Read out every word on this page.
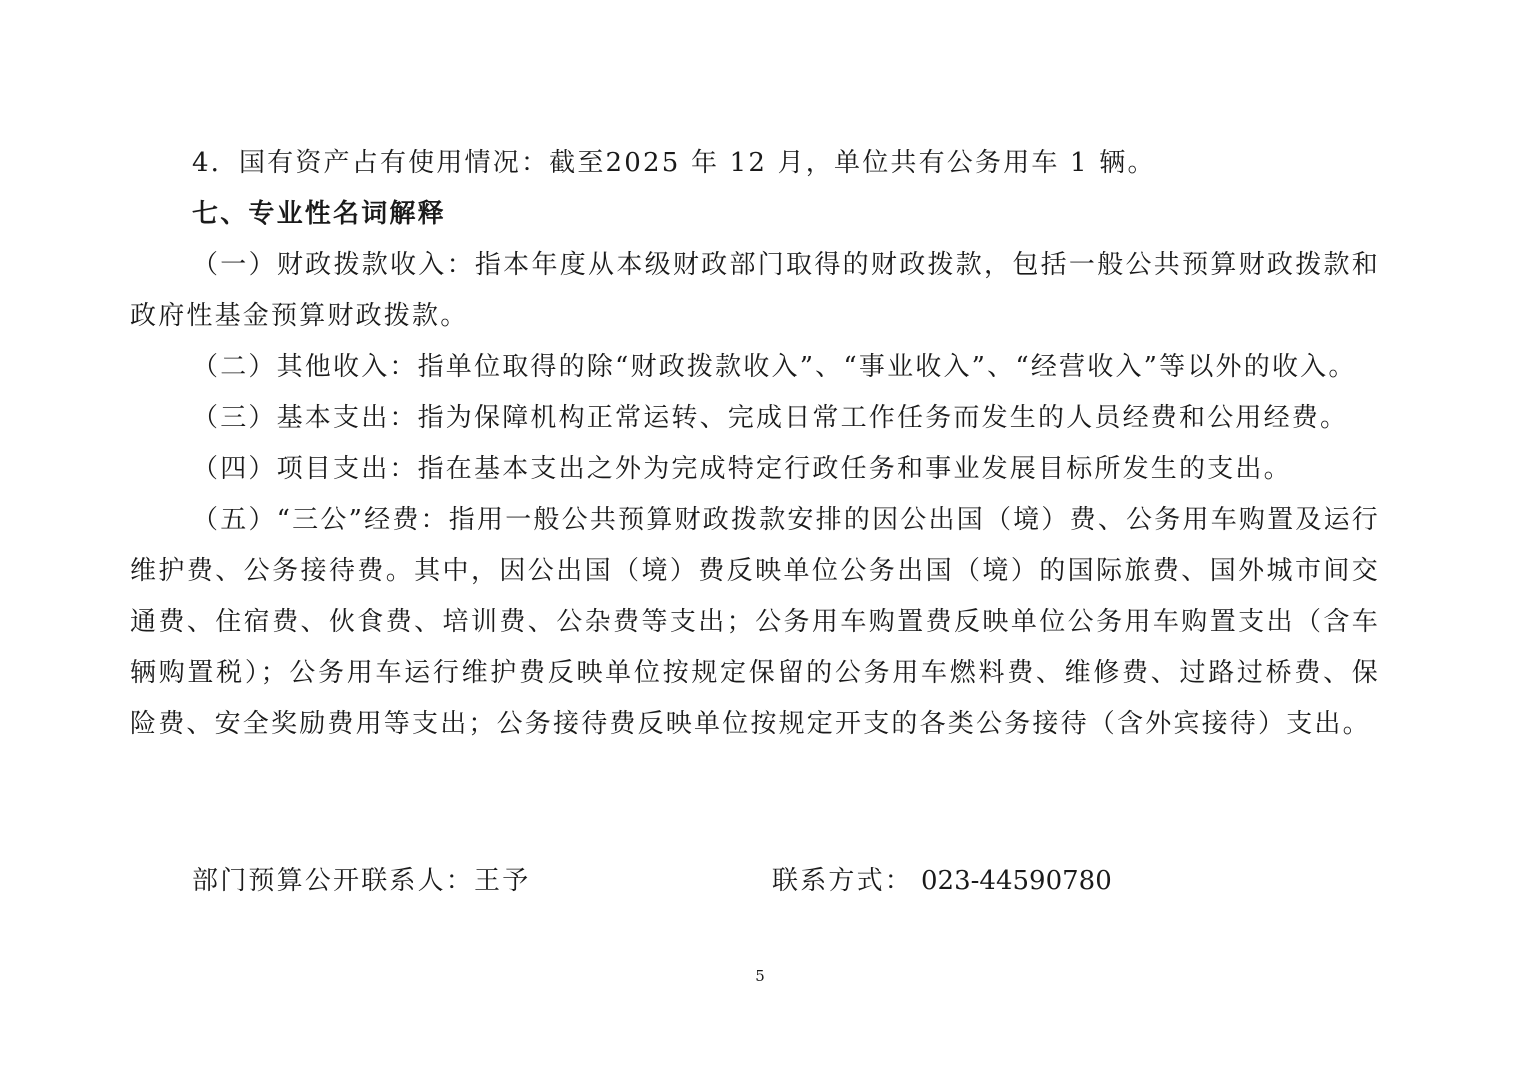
4．国有资产占有使用情况：截至2025 年 12 月，单位共有公务用车 1 辆。

七、专业性名词解释

（一）财政拨款收入：指本年度从本级财政部门取得的财政拨款，包括一般公共预算财政拨款和政府性基金预算财政拨款。

（二）其他收入：指单位取得的除“财政拨款收入”、“事业收入”、“经营收入”等以外的收入。

（三）基本支出：指为保障机构正常运转、完成日常工作任务而发生的人员经费和公用经费。

（四）项目支出：指在基本支出之外为完成特定行政任务和事业发展目标所发生的支出。

（五）“三公”经费：指用一般公共预算财政拨款安排的因公出国（境）费、公务用车购置及运行维护费、公务接待费。其中，因公出国（境）费反映单位公务出国（境）的国际旅费、国外城市间交通费、住宿费、伙食费、培训费、公杂费等支出；公务用车购置费反映单位公务用车购置支出（含车辆购置税）；公务用车运行维护费反映单位按规定保留的公务用车燃料费、维修费、过路过桥费、保险费、安全奖励费用等支出；公务接待费反映单位按规定开支的各类公务接待（含外宾接待）支出。

部门预算公开联系人：王予	联系方式： 023-44590780
5
